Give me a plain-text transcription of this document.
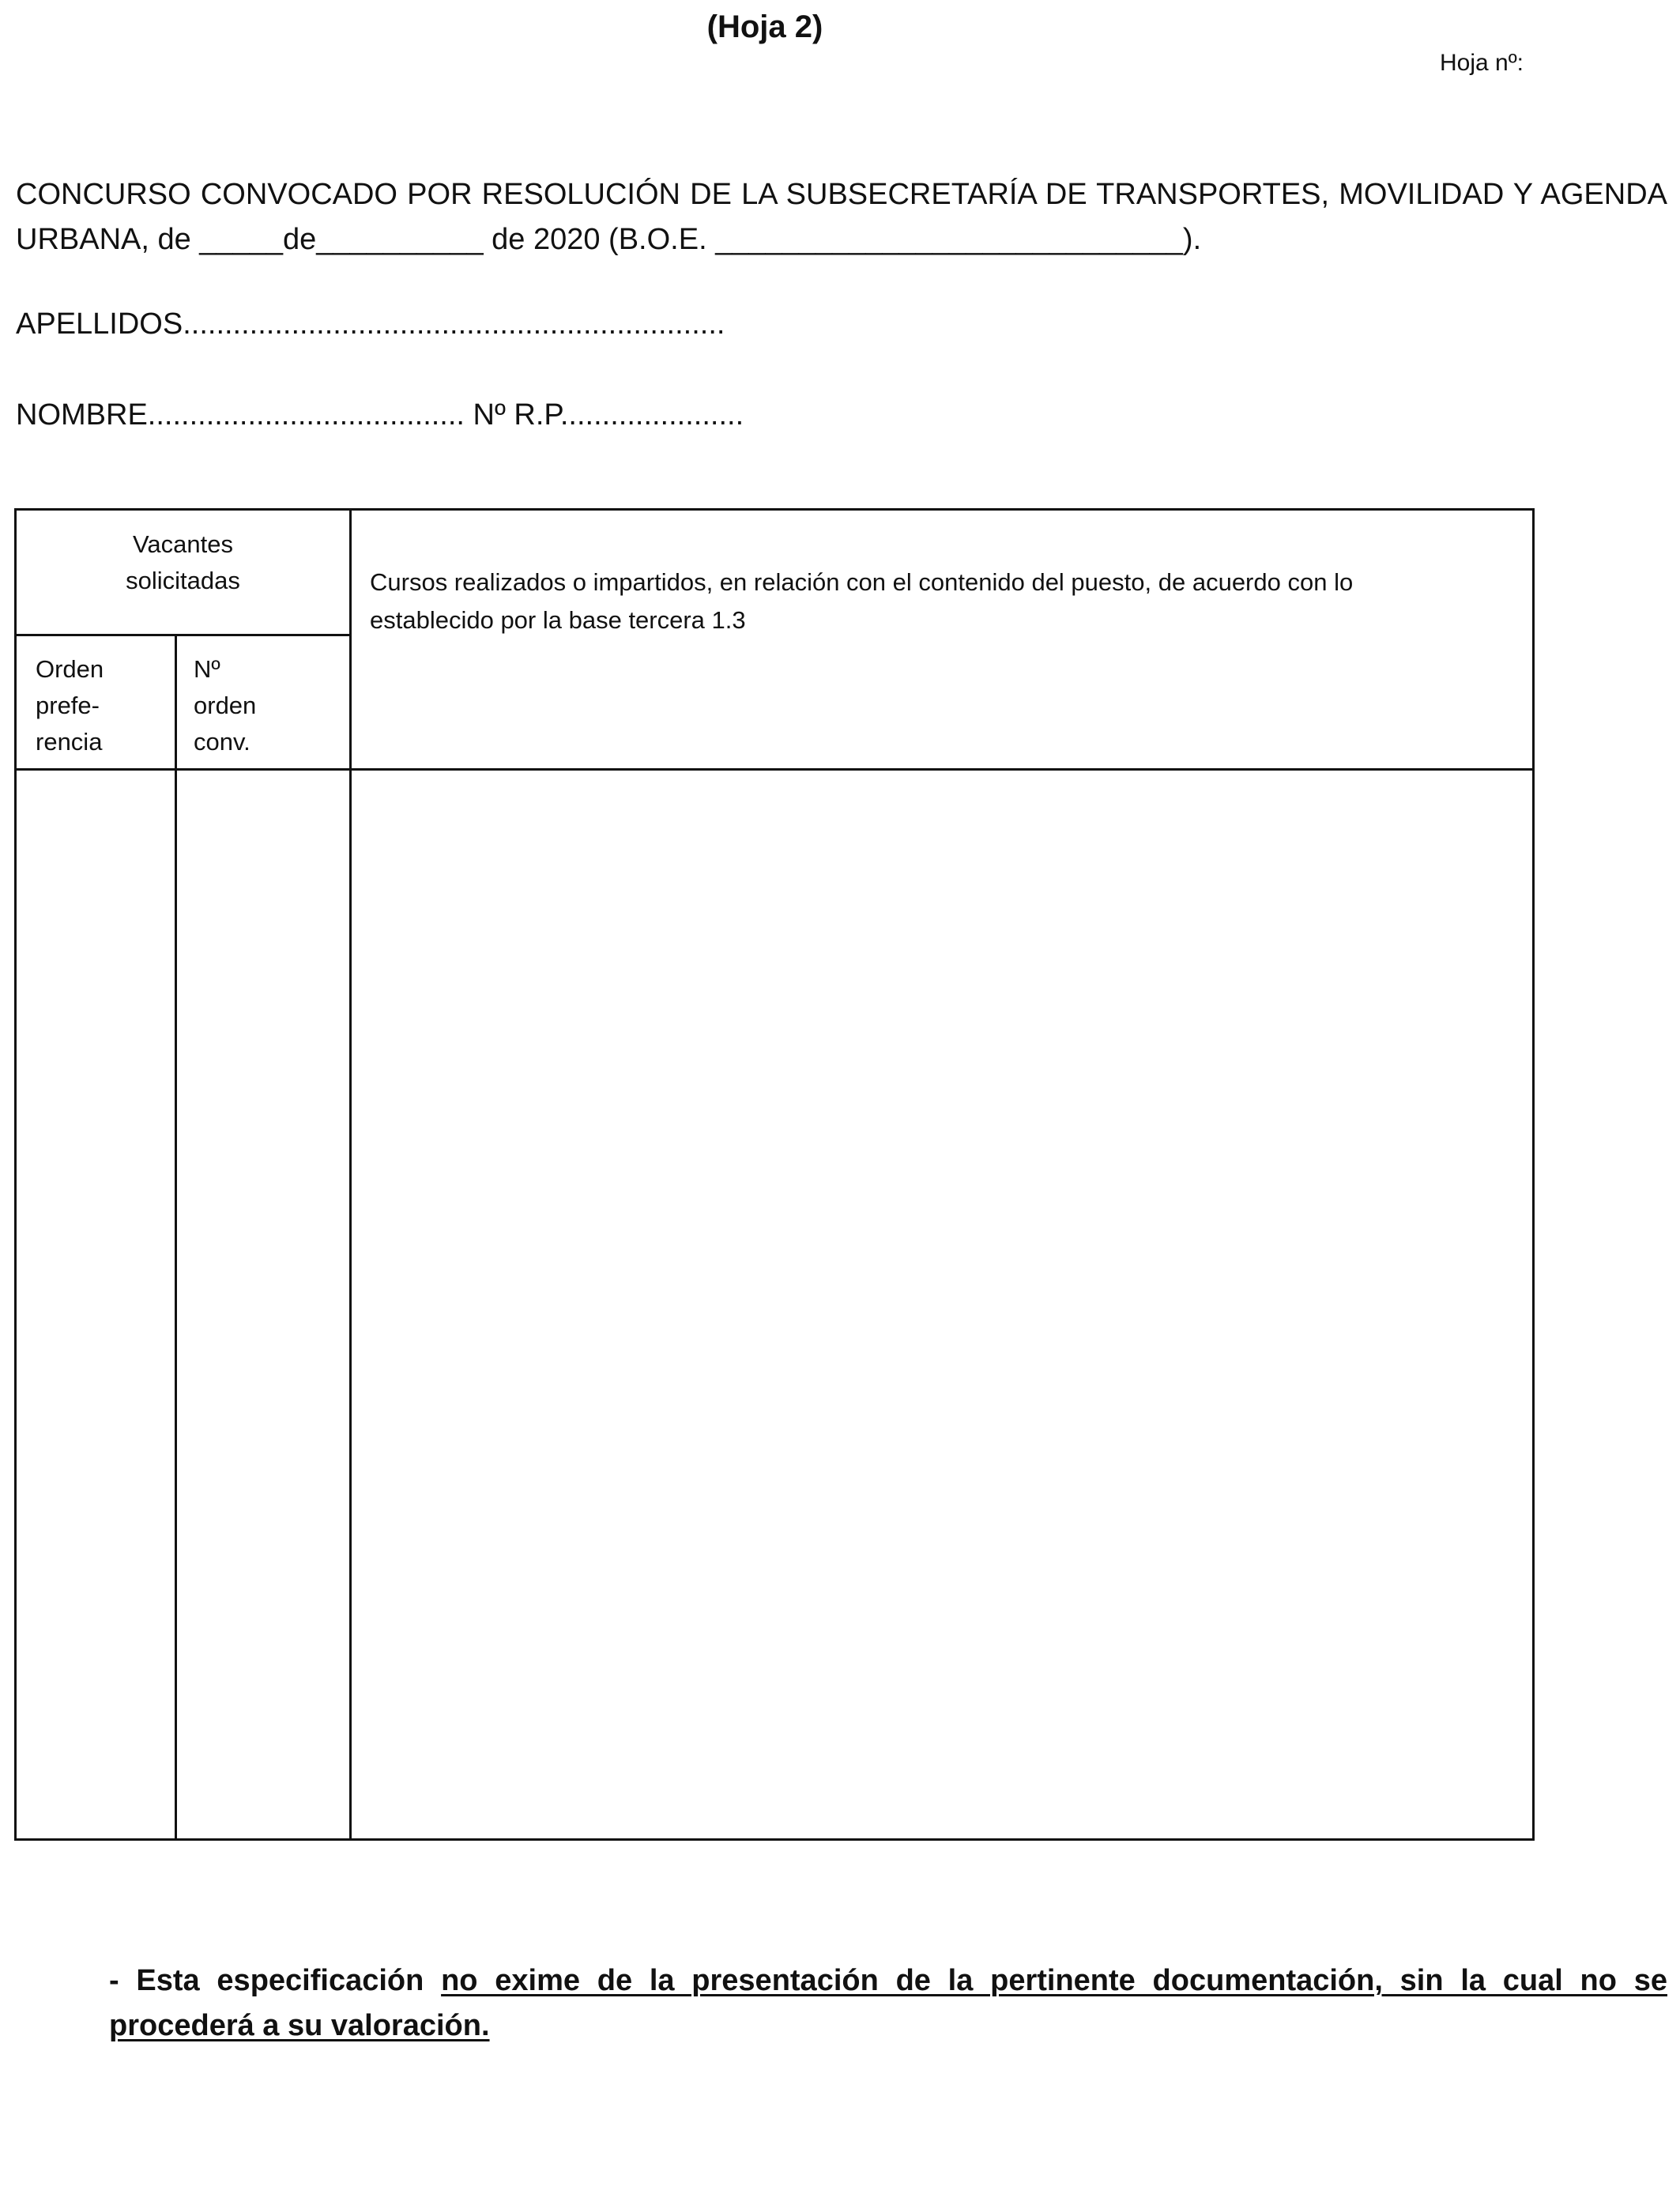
(Hoja 2)
Hoja nº:
CONCURSO CONVOCADO POR RESOLUCIÓN DE LA SUBSECRETARÍA DE TRANSPORTES, MOVILIDAD Y AGENDA
URBANA, de _____de__________ de 2020 (B.O.E. ____________________________).
APELLIDOS.................................................................
NOMBRE...................................... Nº R.P......................
Vacantes
solicitadas
Orden
prefe-
rencia
Nº
orden
conv.
Cursos realizados o impartidos, en relación con el contenido del puesto, de acuerdo con lo
establecido por la base tercera 1.3
- Esta especificación no exime de la presentación de la pertinente documentación, sin la cual no se
procederá a su valoración.
